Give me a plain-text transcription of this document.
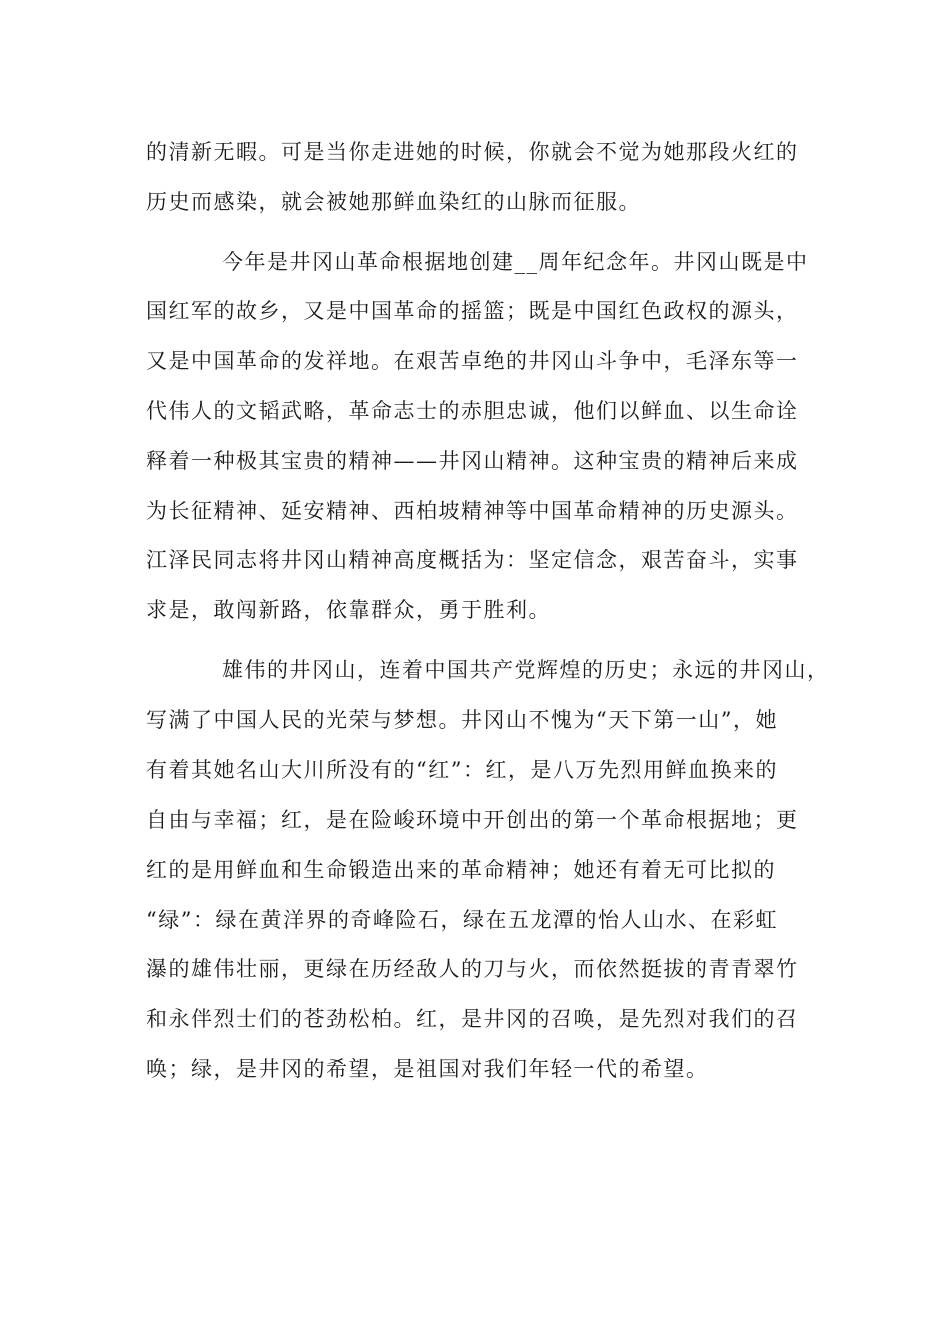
的清新无暇。可是当你走进她的时候，你就会不觉为她那段火红的
历史而感染，就会被她那鲜血染红的山脉而征服。
今年是井冈山革命根据地创建__周年纪念年。井冈山既是中
国红军的故乡，又是中国革命的摇篮；既是中国红色政权的源头，
又是中国革命的发祥地。在艰苦卓绝的井冈山斗争中，毛泽东等一
代伟人的文韬武略，革命志士的赤胆忠诚，他们以鲜血、以生命诠
释着一种极其宝贵的精神——井冈山精神。这种宝贵的精神后来成
为长征精神、延安精神、西柏坡精神等中国革命精神的历史源头。
江泽民同志将井冈山精神高度概括为：坚定信念，艰苦奋斗，实事
求是，敢闯新路，依靠群众，勇于胜利。
雄伟的井冈山，连着中国共产党辉煌的历史；永远的井冈山，
写满了中国人民的光荣与梦想。井冈山不愧为“天下第一山”，她
有着其她名山大川所没有的“红”：红，是八万先烈用鲜血换来的
自由与幸福；红，是在险峻环境中开创出的第一个革命根据地；更
红的是用鲜血和生命锻造出来的革命精神；她还有着无可比拟的
“绿”：绿在黄洋界的奇峰险石，绿在五龙潭的怡人山水、在彩虹
瀑的雄伟壮丽，更绿在历经敌人的刀与火，而依然挺拔的青青翠竹
和永伴烈士们的苍劲松柏。红，是井冈的召唤，是先烈对我们的召
唤；绿，是井冈的希望，是祖国对我们年轻一代的希望。
